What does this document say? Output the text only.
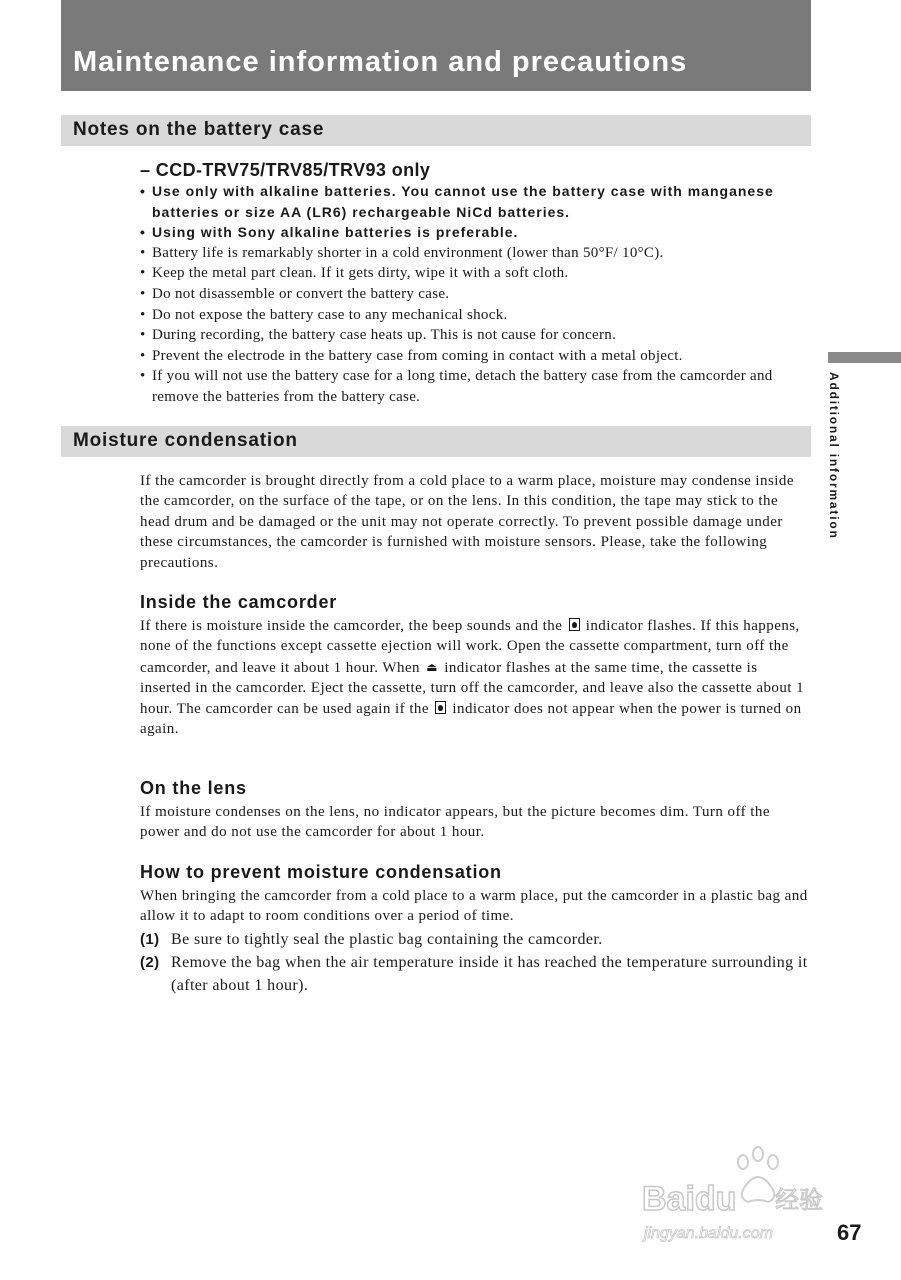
Maintenance information and precautions
Notes on the battery case

– CCD-TRV75/TRV85/TRV93 only

• Use only with alkaline batteries. You cannot use the battery case with manganese batteries or size AA (LR6) rechargeable NiCd batteries.
• Using with Sony alkaline batteries is preferable.
• Battery life is remarkably shorter in a cold environment (lower than 50°F/ 10°C).
• Keep the metal part clean. If it gets dirty, wipe it with a soft cloth.
• Do not disassemble or convert the battery case.
• Do not expose the battery case to any mechanical shock.
• During recording, the battery case heats up. This is not cause for concern.
• Prevent the electrode in the battery case from coming in contact with a metal object.
• If you will not use the battery case for a long time, detach the battery case from the camcorder and remove the batteries from the battery case.
Moisture condensation

If the camcorder is brought directly from a cold place to a warm place, moisture may condense inside the camcorder, on the surface of the tape, or on the lens. In this condition, the tape may stick to the head drum and be damaged or the unit may not operate correctly. To prevent possible damage under these circumstances, the camcorder is furnished with moisture sensors. Please, take the following precautions.

Inside the camcorder

If there is moisture inside the camcorder, the beep sounds and the indicator flashes. If this happens, none of the functions except cassette ejection will work. Open the cassette compartment, turn off the camcorder, and leave it about 1 hour. When ⏏ indicator flashes at the same time, the cassette is inserted in the camcorder. Eject the cassette, turn off the camcorder, and leave also the cassette about 1 hour. The camcorder can be used again if the indicator does not appear when the power is turned on again.

On the lens

If moisture condenses on the lens, no indicator appears, but the picture becomes dim. Turn off the power and do not use the camcorder for about 1 hour.

How to prevent moisture condensation

When bringing the camcorder from a cold place to a warm place, put the camcorder in a plastic bag and allow it to adapt to room conditions over a period of time.

(1) Be sure to tightly seal the plastic bag containing the camcorder.
(2) Remove the bag when the air temperature inside it has reached the temperature surrounding it (after about 1 hour).
Additional information
Baidu 经验
jingyan.baidu.com	67
